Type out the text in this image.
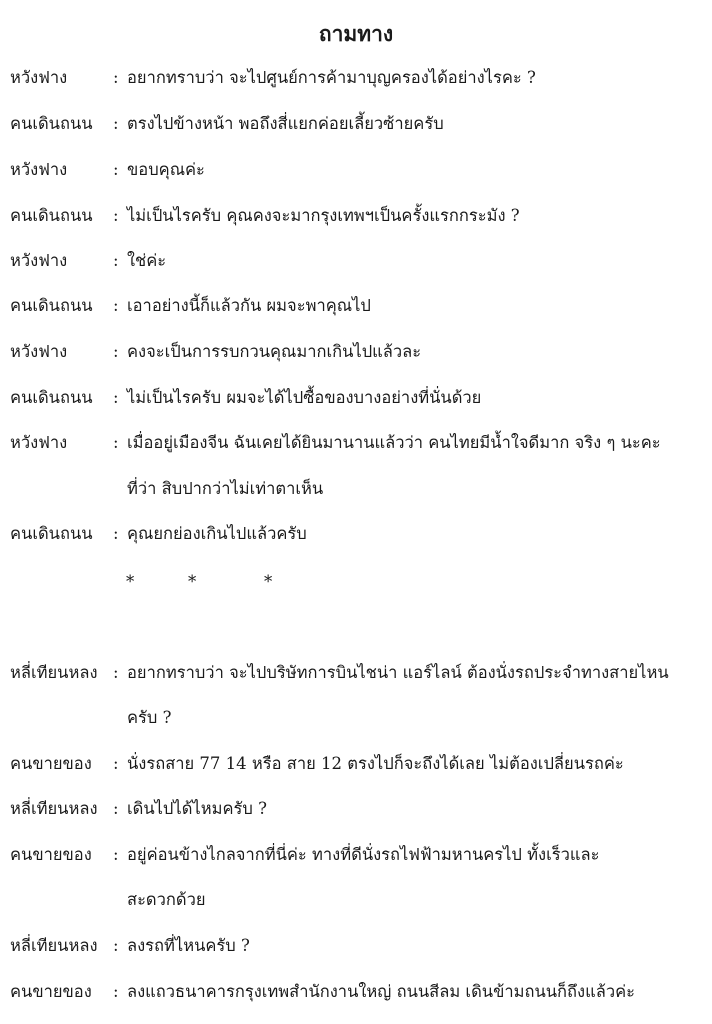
ถามทาง
หวังฟาง	: อยากทราบว่า จะไปศูนย์การค้ามาบุญครองได้อย่างไรคะ ?
คนเดินถนน : ตรงไปข้างหน้า พอถึงสี่แยกค่อยเลี้ยวซ้ายครับ
หวังฟาง	: ขอบคุณค่ะ
คนเดินถนน : ไม่เป็นไรครับ คุณคงจะมากรุงเทพฯเป็นครั้งแรกกระมัง ?
หวังฟาง	: ใช่ค่ะ
คนเดินถนน : เอาอย่างนี้ก็แล้วกัน ผมจะพาคุณไป
หวังฟาง	: คงจะเป็นการรบกวนคุณมากเกินไปแล้วละ
คนเดินถนน : ไม่เป็นไรครับ ผมจะได้ไปซื้อของบางอย่างที่นั่นด้วย
หวังฟาง	: เมื่ออยู่เมืองจีน ฉันเคยได้ยินมานานแล้วว่า คนไทยมีน้ำใจดีมาก จริง ๆ นะคะ
ที่ว่า สิบปากว่าไม่เท่าตาเห็น
คนเดินถนน : คุณยกย่องเกินไปแล้วครับ
*	*	*
หลี่เทียนหลง : อยากทราบว่า จะไปบริษัทการบินไชน่า แอร์ไลน์ ต้องนั่งรถประจำทางสายไหน
ครับ ?
คนขายของ : นั่งรถสาย 77 14 หรือ สาย 12 ตรงไปก็จะถึงได้เลย ไม่ต้องเปลี่ยนรถค่ะ
หลี่เทียนหลง : เดินไปได้ไหมครับ ?
คนขายของ : อยู่ค่อนข้างไกลจากที่นี่ค่ะ ทางที่ดีนั่งรถไฟฟ้ามหานครไป ทั้งเร็วและ
สะดวกด้วย
หลี่เทียนหลง : ลงรถที่ไหนครับ ?
คนขายของ : ลงแถวธนาคารกรุงเทพสำนักงานใหญ่ ถนนสีลม เดินข้ามถนนก็ถึงแล้วค่ะ
